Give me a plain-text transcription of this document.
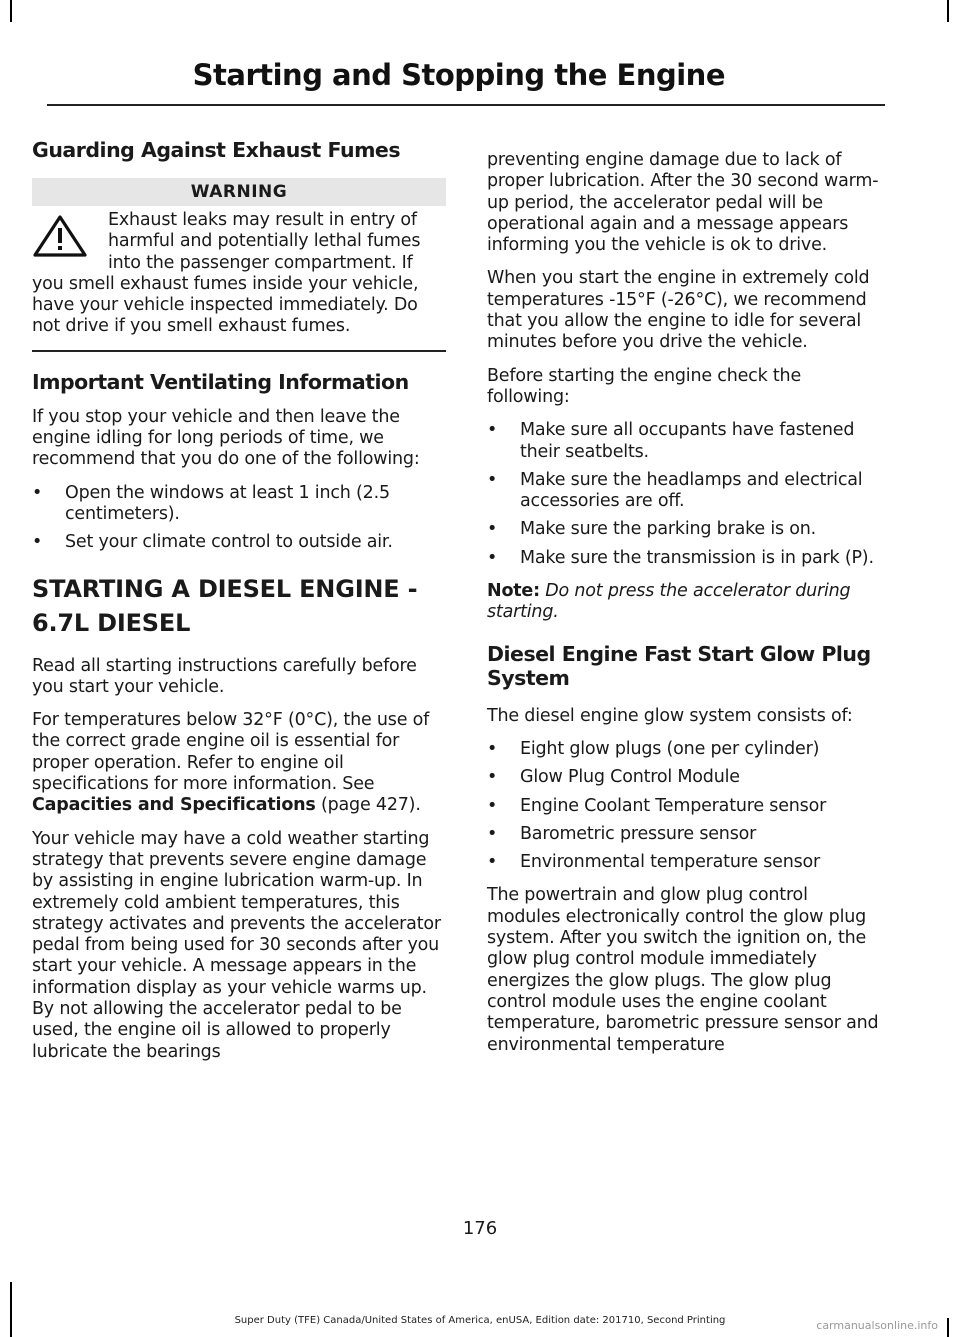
Starting and Stopping the Engine
Guarding Against Exhaust Fumes
WARNING
Exhaust leaks may result in entry of harmful and potentially lethal fumes into the passenger compartment. If you smell exhaust fumes inside your vehicle, have your vehicle inspected immediately. Do not drive if you smell exhaust fumes.
Important Ventilating Information

If you stop your vehicle and then leave the engine idling for long periods of time, we recommend that you do one of the following:

• Open the windows at least 1 inch (2.5 centimeters).
• Set your climate control to outside air.
STARTING A DIESEL ENGINE -
6.7L DIESEL

Read all starting instructions carefully before you start your vehicle.

For temperatures below 32°F (0°C), the use of the correct grade engine oil is essential for proper operation. Refer to engine oil specifications for more information. See Capacities and Specifications (page 427).

Your vehicle may have a cold weather starting strategy that prevents severe engine damage by assisting in engine lubrication warm-up. In extremely cold ambient temperatures, this strategy activates and prevents the accelerator pedal from being used for 30 seconds after you start your vehicle. A message appears in the information display as your vehicle warms up. By not allowing the accelerator pedal to be used, the engine oil is allowed to properly lubricate the bearings

preventing engine damage due to lack of proper lubrication. After the 30 second warm-up period, the accelerator pedal will be operational again and a message appears informing you the vehicle is ok to drive.

When you start the engine in extremely cold temperatures -15°F (-26°C), we recommend that you allow the engine to idle for several minutes before you drive the vehicle.

Before starting the engine check the following:

• Make sure all occupants have fastened their seatbelts.
• Make sure the headlamps and electrical accessories are off.
• Make sure the parking brake is on.
• Make sure the transmission is in park (P).

Note: Do not press the accelerator during starting.

Diesel Engine Fast Start Glow Plug System

The diesel engine glow system consists of:

• Eight glow plugs (one per cylinder)
• Glow Plug Control Module
• Engine Coolant Temperature sensor
• Barometric pressure sensor
• Environmental temperature sensor

The powertrain and glow plug control modules electronically control the glow plug system. After you switch the ignition on, the glow plug control module immediately energizes the glow plugs. The glow plug control module uses the engine coolant temperature, barometric pressure sensor and environmental temperature

176
Super Duty (TFE) Canada/United States of America, enUSA, Edition date: 201710, Second Printing	carmanualsonline.info
